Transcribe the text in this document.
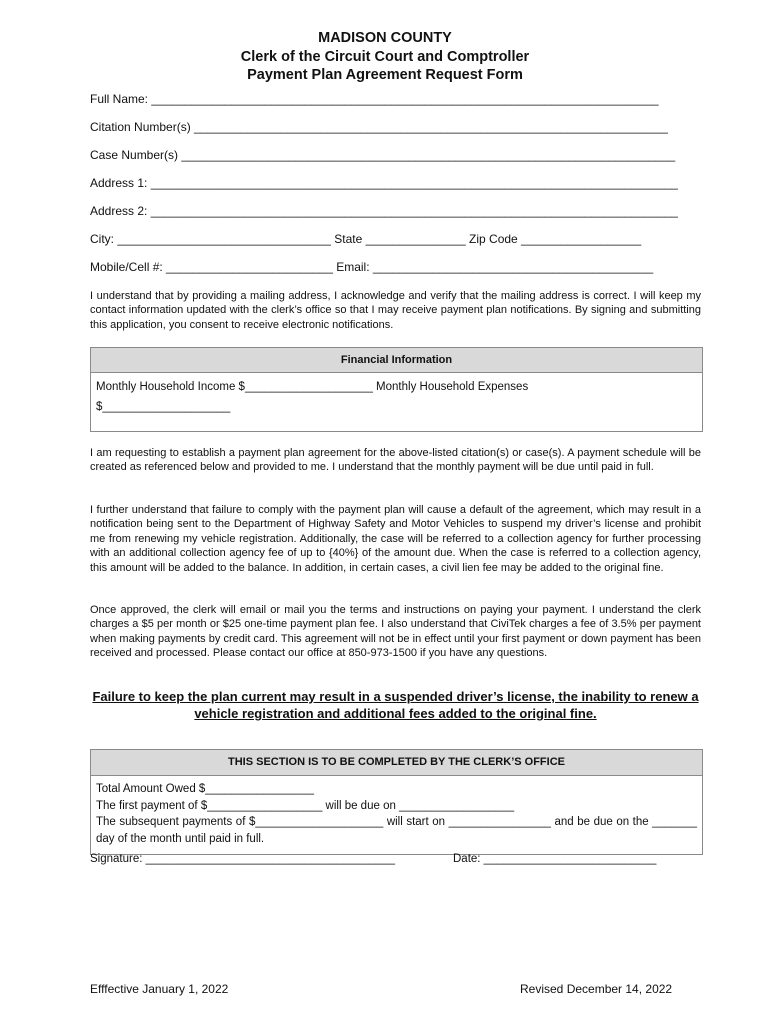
MADISON COUNTY
Clerk of the Circuit Court and Comptroller
Payment Plan Agreement Request Form
Full Name: ____________________________________________________________________________
Citation Number(s) _______________________________________________________________________
Case Number(s) __________________________________________________________________________
Address 1: _______________________________________________________________________________
Address 2: _______________________________________________________________________________
City: ________________________________ State _______________ Zip Code __________________
Mobile/Cell #: _________________________ Email: __________________________________________
I understand that by providing a mailing address, I acknowledge and verify that the mailing address is correct. I will keep my contact information updated with the clerk’s office so that I may receive payment plan notifications. By signing and submitting this application, you consent to receive electronic notifications.
Financial Information
Monthly Household Income $____________________ Monthly Household Expenses
$____________________
I am requesting to establish a payment plan agreement for the above-listed citation(s) or case(s). A payment schedule will be created as referenced below and provided to me. I understand that the monthly payment will be due until paid in full.
I further understand that failure to comply with the payment plan will cause a default of the agreement, which may result in a notification being sent to the Department of Highway Safety and Motor Vehicles to suspend my driver’s license and prohibit me from renewing my vehicle registration. Additionally, the case will be referred to a collection agency for further processing with an additional collection agency fee of up to {40%} of the amount due. When the case is referred to a collection agency, this amount will be added to the balance. In addition, in certain cases, a civil lien fee may be added to the original fine.
Once approved, the clerk will email or mail you the terms and instructions on paying your payment. I understand the clerk charges a $5 per month or $25 one-time payment plan fee. I also understand that CiviTek charges a fee of 3.5% per payment when making payments by credit card. This agreement will not be in effect until your first payment or down payment has been received and processed. Please contact our office at 850-973-1500 if you have any questions.
Failure to keep the plan current may result in a suspended driver’s license, the inability to renew a vehicle registration and additional fees added to the original fine.
THIS SECTION IS TO BE COMPLETED BY THE CLERK’S OFFICE
Total Amount Owed $_________________
The first payment of $__________________ will be due on __________________
The subsequent payments of $____________________ will start on ________________ and be due on the _______ day of the month until paid in full.
Signature: _______________________________________	Date: ___________________________
Efffective January 1, 2022	Revised December 14, 2022
